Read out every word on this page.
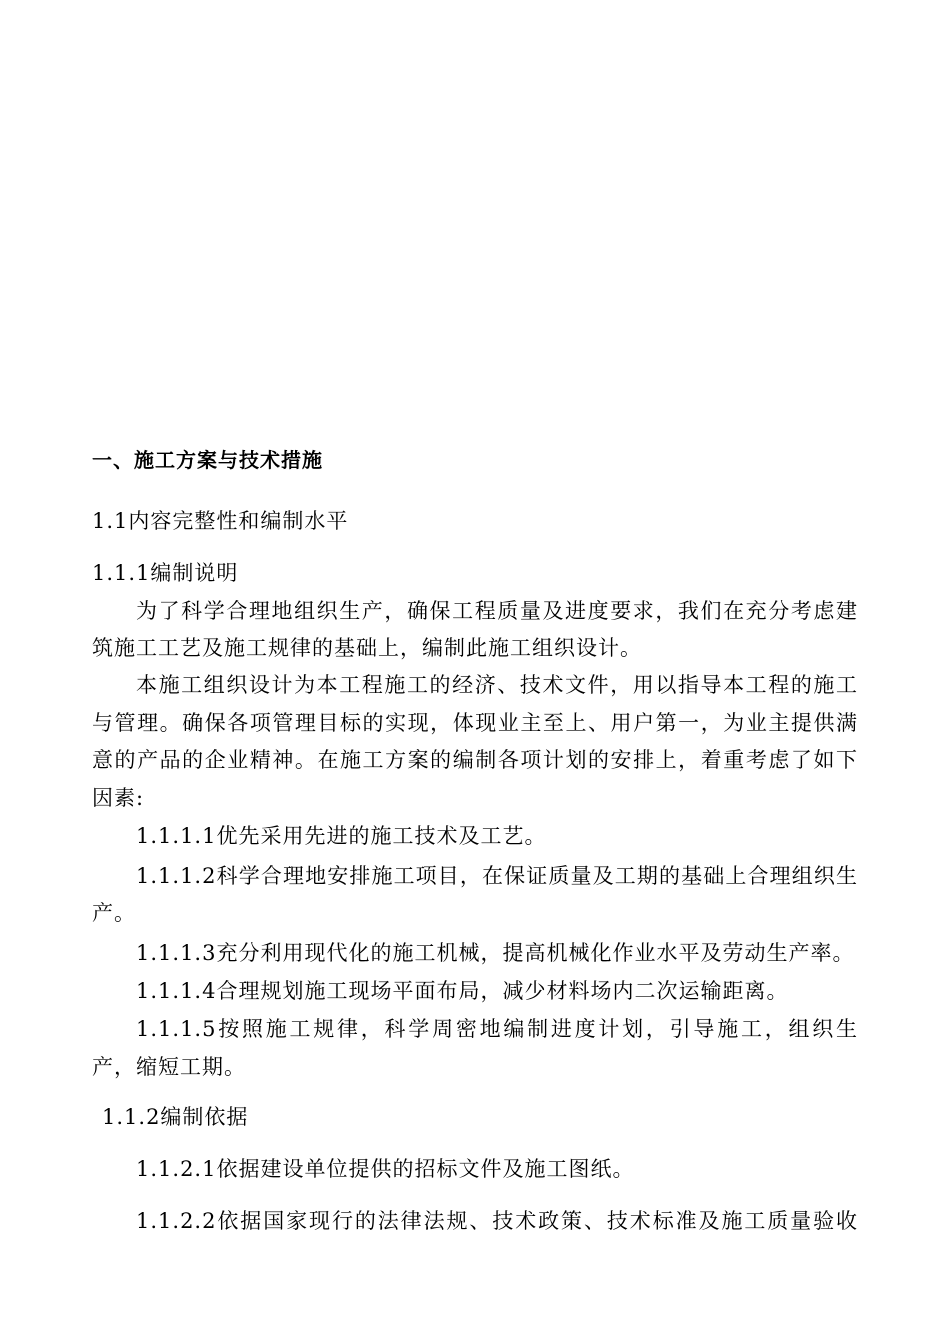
一、施工方案与技术措施
1.1内容完整性和编制水平
1.1.1编制说明
为了科学合理地组织生产，确保工程质量及进度要求，我们在充分考虑建
筑施工工艺及施工规律的基础上，编制此施工组织设计。
本施工组织设计为本工程施工的经济、技术文件，用以指导本工程的施工
与管理。确保各项管理目标的实现，体现业主至上、用户第一，为业主提供满
意的产品的企业精神。在施工方案的编制各项计划的安排上，着重考虑了如下
因素:
1.1.1.1优先采用先进的施工技术及工艺。
1.1.1.2科学合理地安排施工项目，在保证质量及工期的基础上合理组织生
产。
1.1.1.3充分利用现代化的施工机械，提高机械化作业水平及劳动生产率。
1.1.1.4合理规划施工现场平面布局，减少材料场内二次运输距离。
1.1.1.5按照施工规律，科学周密地编制进度计划，引导施工，组织生
产，缩短工期。
1.1.2编制依据
1.1.2.1依据建设单位提供的招标文件及施工图纸。
1.1.2.2依据国家现行的法律法规、技术政策、技术标准及施工质量验收
